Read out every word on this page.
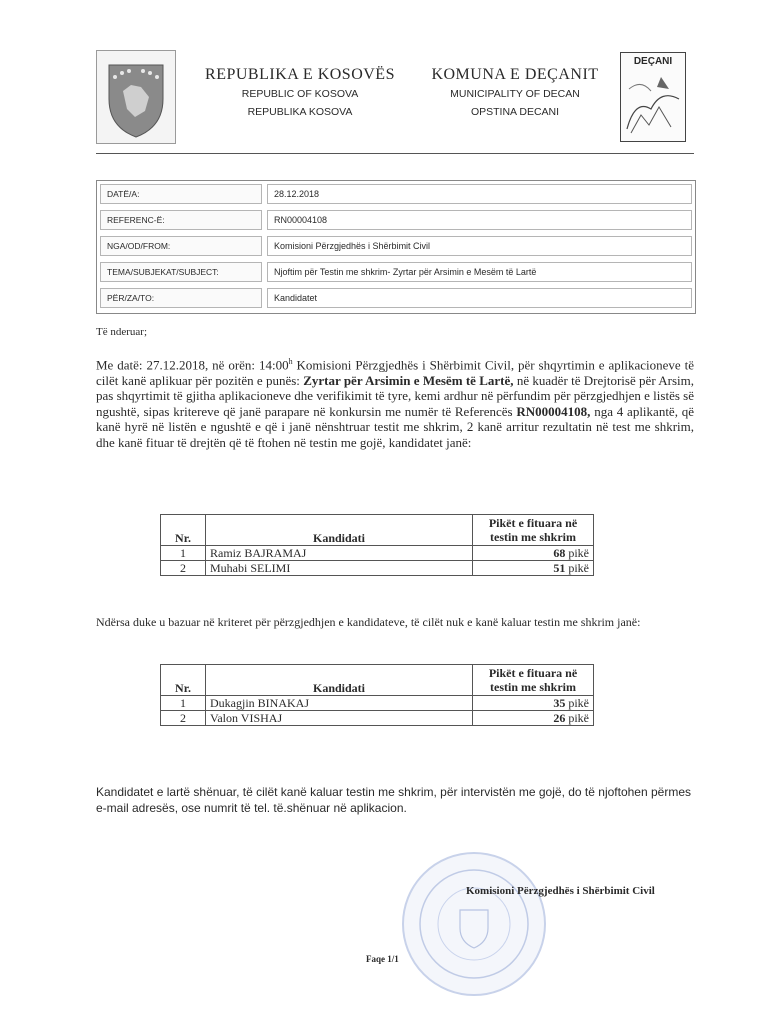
REPUBLIKA E KOSOVËS
REPUBLIC OF KOSOVA
REPUBLIKA KOSOVA
KOMUNA E DEÇANIT
MUNICIPALITY OF DECAN
OPSTINA DECANI
DEÇANI
DATË/A:	28.12.2018
REFERENC-Ë:	RN00004108
NGA/OD/FROM:	Komisioni Përzgjedhës i Shërbimit Civil
TEMA/SUBJEKAT/SUBJECT:	Njoftim për Testin me shkrim- Zyrtar për Arsimin e Mesëm të Lartë
PËR/ZA/TO:	Kandidatet
Të nderuar;
Me datë: 27.12.2018, në orën: 14:00$^h$ Komisioni Përzgjedhës i Shërbimit Civil, për shqyrtimin e aplikacioneve të cilët kanë aplikuar për pozitën e punës: Zyrtar për Arsimin e Mesëm të Lartë, në kuadër të Drejtorisë për Arsim, pas shqyrtimit të gjitha aplikacioneve dhe verifikimit të tyre, kemi ardhur në përfundim për përzgjedhjen e listës së ngushtë, sipas kritereve që janë parapare në konkursin me numër të Referencës RN00004108, nga 4 aplikantë, që kanë hyrë në listën e ngushtë e që i janë nënshtruar testit me shkrim, 2 kanë arritur rezultatin në test me shkrim, dhe kanë fituar të drejtën që të ftohen në testin me gojë, kandidatet janë:
Nr.	Kandidati	Pikët e fituara në
testin me shkrim
1	Ramiz BAJRAMAJ	68 pikë
2	Muhabi SELIMI	51 pikë
Ndërsa duke u bazuar në kriteret për përzgjedhjen e kandidateve, të cilët nuk e kanë kaluar testin me shkrim janë:
Nr.	Kandidati	Pikët e fituara në
testin me shkrim
1	Dukagjin BINAKAJ	35 pikë
2	Valon VISHAJ	26 pikë
Kandidatet e lartë shënuar, të cilët kanë kaluar testin me shkrim, për intervistën me gojë, do të njoftohen përmes e-mail adresës, ose numrit të tel. të.shënuar në aplikacion.
Komisioni Përzgjedhës i Shërbimit Civil
Faqe 1/1
